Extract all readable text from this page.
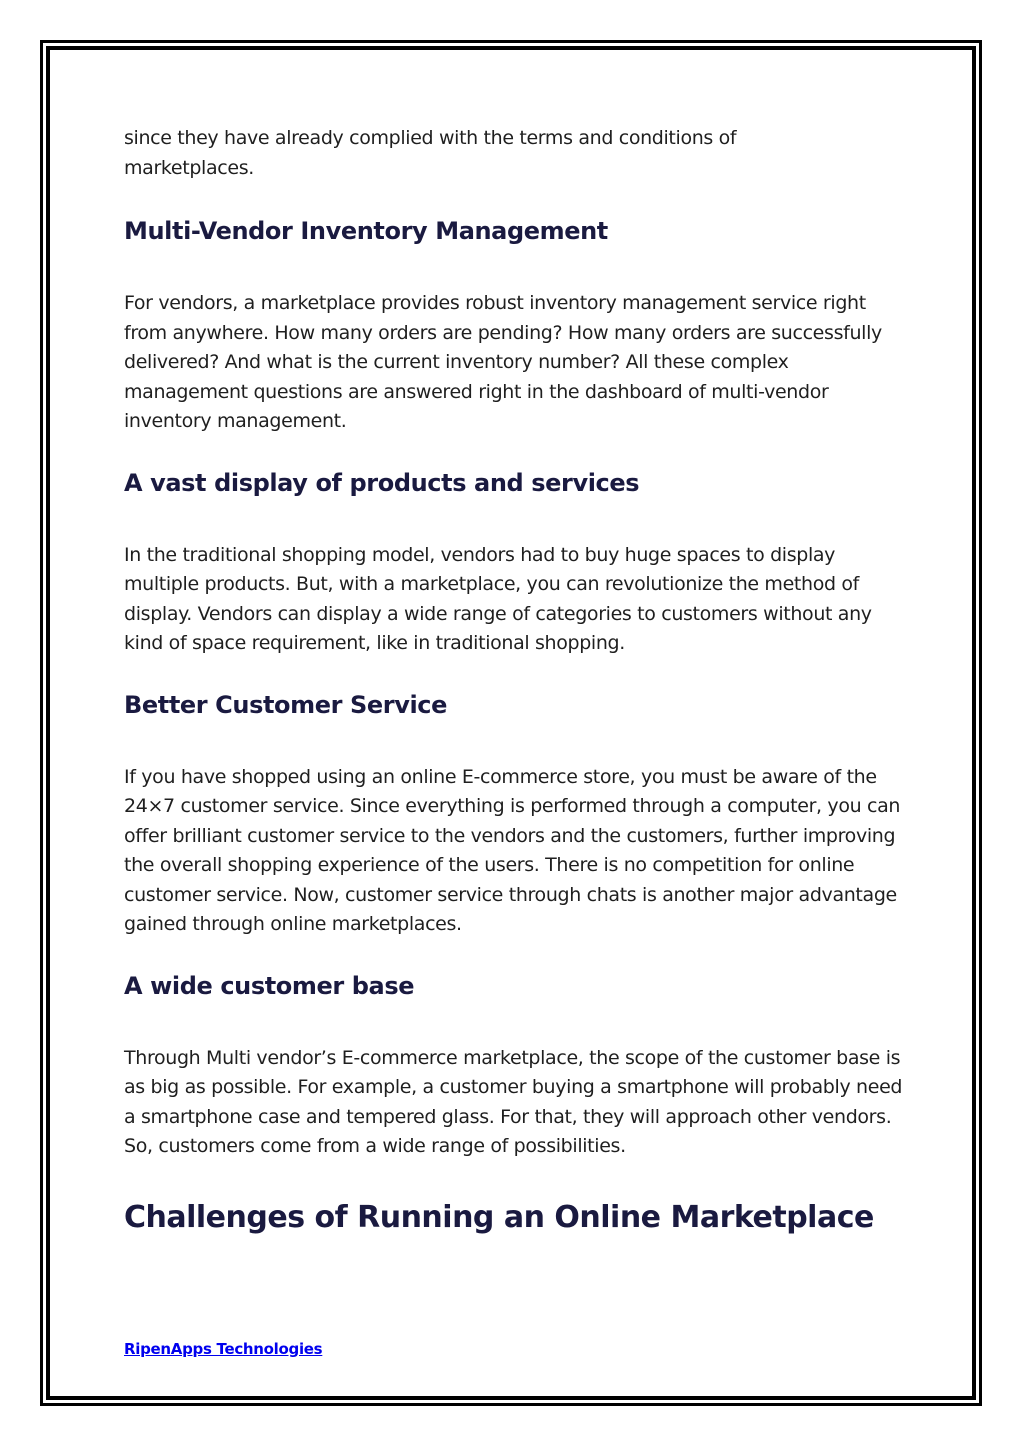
since they have already complied with the terms and conditions of marketplaces.

Multi-Vendor Inventory Management

For vendors, a marketplace provides robust inventory management service right from anywhere. How many orders are pending? How many orders are successfully delivered? And what is the current inventory number? All these complex management questions are answered right in the dashboard of multi-vendor inventory management.

A vast display of products and services

In the traditional shopping model, vendors had to buy huge spaces to display multiple products. But, with a marketplace, you can revolutionize the method of display. Vendors can display a wide range of categories to customers without any kind of space requirement, like in traditional shopping.

Better Customer Service

If you have shopped using an online E-commerce store, you must be aware of the 24×7 customer service. Since everything is performed through a computer, you can offer brilliant customer service to the vendors and the customers, further improving the overall shopping experience of the users. There is no competition for online customer service. Now, customer service through chats is another major advantage gained through online marketplaces.

A wide customer base

Through Multi vendor’s E-commerce marketplace, the scope of the customer base is as big as possible. For example, a customer buying a smartphone will probably need a smartphone case and tempered glass. For that, they will approach other vendors. So, customers come from a wide range of possibilities.

Challenges of Running an Online Marketplace
RipenApps Technologies
